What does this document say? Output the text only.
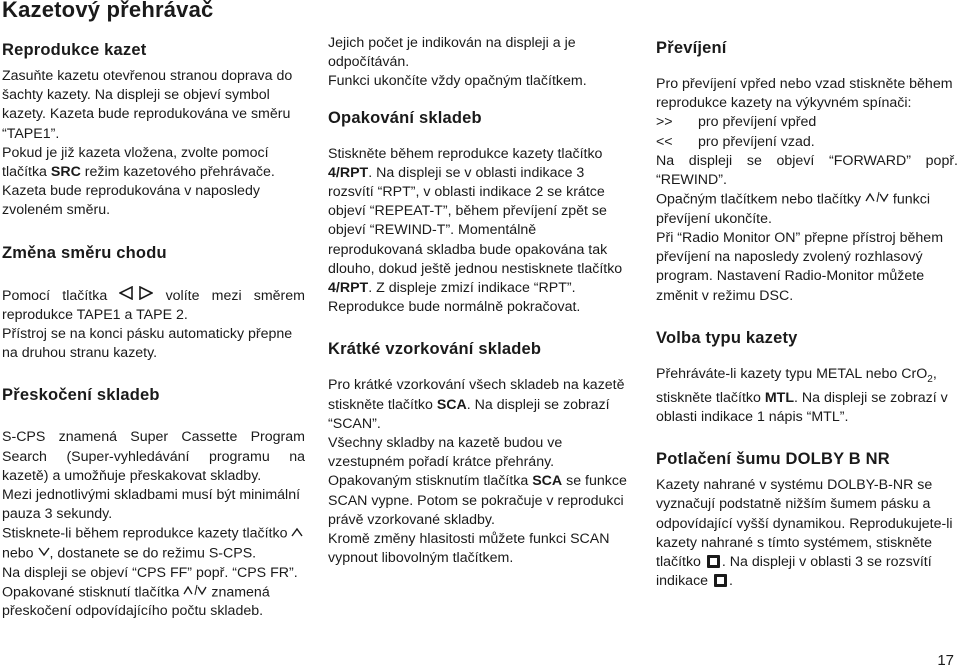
Kazetový přehrávač
Reprodukce kazet

Zasuňte kazetu otevřenou stranou doprava do šachty kazety. Na displeji se objeví symbol kazety. Kazeta bude reprodukována ve směru “TAPE1”.

Pokud je již kazeta vložena, zvolte pomocí tlačítka SRC režim kazetového přehrávače. Kazeta bude reprodukována v naposledy zvoleném směru.

Změna směru chodu

Pomocí tlačítka	volíte mezi směrem reprodukce TAPE1 a TAPE 2.

Přístroj se na konci pásku automaticky přepne na druhou stranu kazety.

Přeskočení skladeb

S-CPS znamená Super Cassette Program Search (Super-vyhledávání programu na kazetě) a umožňuje přeskakovat skladby.

Mezi jednotlivými skladbami musí být minimální pauza 3 sekundy.

Stisknete-li během reprodukce kazety tlačítko  nebo , dostanete se do režimu S-CPS.

Na displeji se objeví “CPS FF” popř. “CPS FR”.

Opakované stisknutí tlačítka znamená přeskočení odpovídajícího počtu skladeb.

Jejich počet je indikován na displeji a je odpočítáván.

Funkci ukončíte vždy opačným tlačítkem.

Opakování skladeb

Stiskněte během reprodukce kazety tlačítko 4/RPT. Na displeji se v oblasti indikace 3 rozsvítí “RPT”, v oblasti indikace 2 se krátce objeví “REPEAT-T”, během převíjení zpět se objeví “REWIND-T”. Momentálně reprodukovaná skladba bude opakována tak dlouho, dokud ještě jednou nestisknete tlačítko 4/RPT. Z displeje zmizí indikace “RPT”.

Reprodukce bude normálně pokračovat.

Krátké vzorkování skladeb

Pro krátké vzorkování všech skladeb na kazetě stiskněte tlačítko SCA. Na displeji se zobrazí “SCAN”.

Všechny skladby na kazetě budou ve vzestupném pořadí krátce přehrány.

Opakovaným stisknutím tlačítka SCA se funkce SCAN vypne. Potom se pokračuje v reprodukci právě vzorkované skladby.

Kromě změny hlasitosti můžete funkci SCAN vypnout libovolným tlačítkem.

Převíjení

Pro převíjení vpřed nebo vzad stiskněte během reprodukce kazety na výkyvném spínači:

>>	pro převíjení vpřed
<<	pro převíjení vzad.

Na displeji se objeví “FORWARD” popř. “REWIND”.

Opačným tlačítkem nebo tlačítky funkci převíjení ukončíte.

Při “Radio Monitor ON” přepne přístroj během převíjení na naposledy zvolený rozhlasový program. Nastavení Radio-Monitor můžete změnit v režimu DSC.

Volba typu kazety

Přehráváte-li kazety typu METAL nebo CrO$_2$, stiskněte tlačítko MTL. Na displeji se zobrazí v oblasti indikace 1 nápis “MTL”.

Potlačení šumu DOLBY B NR

Kazety nahrané v systému DOLBY-B-NR se vyznačují podstatně nižším šumem pásku a odpovídající vyšší dynamikou. Reprodukujete-li kazety nahrané s tímto systémem, stiskněte tlačítko . Na displeji v oblasti 3 se rozsvítí indikace .

17
